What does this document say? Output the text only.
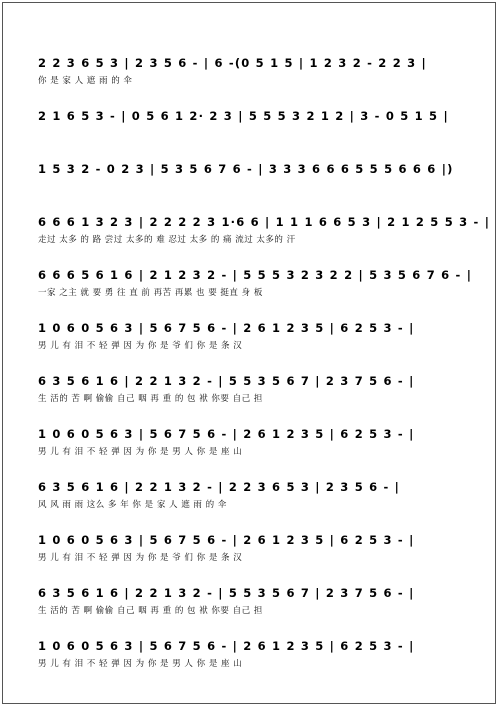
2 2 3 6 5 3 | 2 3 5 6 - | 6 -(0 5 1 5 | 1 2 3 2 - 2 2 3 |
你 是 家 人 遮 雨 的 伞
2 1 6 5 3 - | 0 5 6 1 2· 2 3 | 5 5 5 3 2 1 2 | 3 - 0 5 1 5 |
1 5 3 2 - 0 2 3 | 5 3 5 6 7 6 - | 3 3 3 6 6 6 5 5 5 6 6 6 |)
6 6 6 1 3 2 3 | 2 2 2 2 3 1·6 6 | 1 1 1 6 6 5 3 | 2 1 2 5 5 3 - |
走过 太多 的 路 尝过 太多的 难 忍过 太多 的 痛 流过 太多的 汗
6 6 6 5 6 1 6 | 2 1 2 3 2 - | 5 5 5 3 2 3 2 2 | 5 3 5 6 7 6 - |
一家 之主 就 要 勇 往 直 前 再苦 再累 也 要 挺直 身 板
1 0 6 0 5 6 3 | 5 6 7 5 6 - | 2 6 1 2 3 5 | 6 2 5 3 - |
男 儿 有 泪 不 轻 弹 因 为 你 是 爷 们 你 是 条 汉
6 3 5 6 1 6 | 2 2 1 3 2 - | 5 5 3 5 6 7 | 2 3 7 5 6 - |
生 活的 苦 啊 偷偷 自己 咽 再 重 的 包 袱 你要 自己 担
1 0 6 0 5 6 3 | 5 6 7 5 6 - | 2 6 1 2 3 5 | 6 2 5 3 - |
男 儿 有 泪 不 轻 弹 因 为 你 是 男 人 你 是 座 山
6 3 5 6 1 6 | 2 2 1 3 2 - | 2 2 3 6 5 3 | 2 3 5 6 - |
风 风 雨 雨 这么 多 年 你 是 家 人 遮 雨 的 伞
1 0 6 0 5 6 3 | 5 6 7 5 6 - | 2 6 1 2 3 5 | 6 2 5 3 - |
男 儿 有 泪 不 轻 弹 因 为 你 是 爷 们 你 是 条 汉
6 3 5 6 1 6 | 2 2 1 3 2 - | 5 5 3 5 6 7 | 2 3 7 5 6 - |
生 活的 苦 啊 偷偷 自己 咽 再 重 的 包 袱 你要 自己 担
1 0 6 0 5 6 3 | 5 6 7 5 6 - | 2 6 1 2 3 5 | 6 2 5 3 - |
男 儿 有 泪 不 轻 弹 因 为 你 是 男 人 你 是 座 山
